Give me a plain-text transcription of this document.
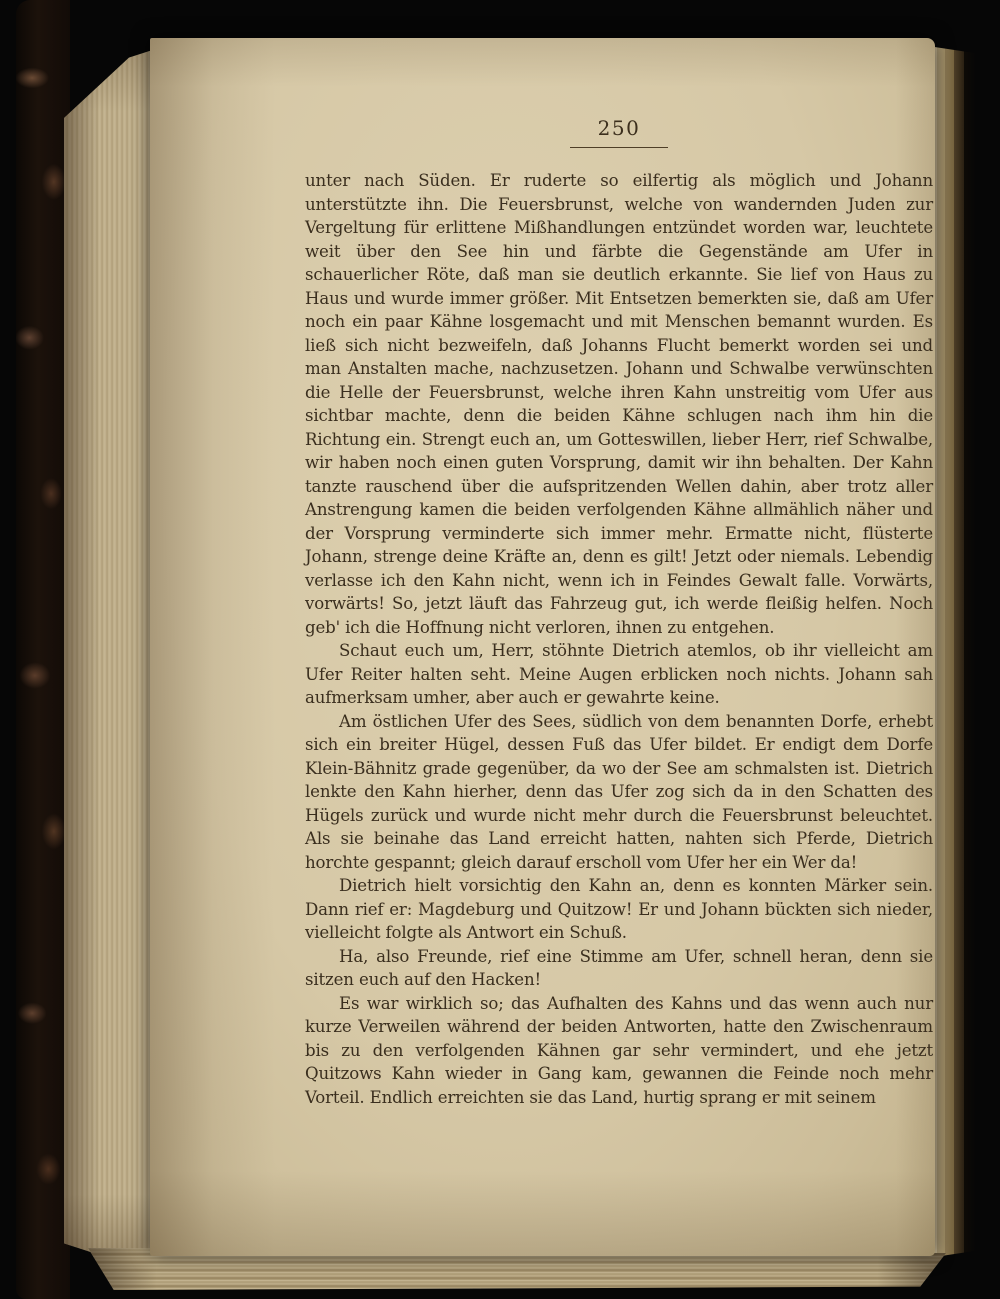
250

unter nach Süden. Er ruderte so eilfertig als möglich und Johann unterstützte ihn. Die Feuersbrunst, welche von wandernden Juden zur Vergeltung für erlittene Mißhandlungen entzündet worden war, leuchtete weit über den See hin und färbte die Gegenstände am Ufer in schauerlicher Röte, daß man sie deutlich erkannte. Sie lief von Haus zu Haus und wurde immer größer. Mit Entsetzen bemerkten sie, daß am Ufer noch ein paar Kähne losgemacht und mit Menschen bemannt wurden. Es ließ sich nicht bezweifeln, daß Johanns Flucht bemerkt worden sei und man Anstalten mache, nachzusetzen. Johann und Schwalbe verwünschten die Helle der Feuersbrunst, welche ihren Kahn unstreitig vom Ufer aus sichtbar machte, denn die beiden Kähne schlugen nach ihm hin die Richtung ein. Strengt euch an, um Gotteswillen, lieber Herr, rief Schwalbe, wir haben noch einen guten Vorsprung, damit wir ihn behalten. Der Kahn tanzte rauschend über die aufspritzenden Wellen dahin, aber trotz aller Anstrengung kamen die beiden verfolgenden Kähne allmählich näher und der Vorsprung verminderte sich immer mehr. Ermatte nicht, flüsterte Johann, strenge deine Kräfte an, denn es gilt! Jetzt oder niemals. Lebendig verlasse ich den Kahn nicht, wenn ich in Feindes Gewalt falle. Vorwärts, vorwärts! So, jetzt läuft das Fahrzeug gut, ich werde fleißig helfen. Noch geb' ich die Hoffnung nicht verloren, ihnen zu entgehen.

Schaut euch um, Herr, stöhnte Dietrich atemlos, ob ihr vielleicht am Ufer Reiter halten seht. Meine Augen erblicken noch nichts. Johann sah aufmerksam umher, aber auch er gewahrte keine.

Am östlichen Ufer des Sees, südlich von dem benannten Dorfe, erhebt sich ein breiter Hügel, dessen Fuß das Ufer bildet. Er endigt dem Dorfe Klein-Bähnitz grade gegenüber, da wo der See am schmalsten ist. Dietrich lenkte den Kahn hierher, denn das Ufer zog sich da in den Schatten des Hügels zurück und wurde nicht mehr durch die Feuersbrunst beleuchtet. Als sie beinahe das Land erreicht hatten, nahten sich Pferde, Dietrich horchte gespannt; gleich darauf erscholl vom Ufer her ein Wer da!

Dietrich hielt vorsichtig den Kahn an, denn es konnten Märker sein. Dann rief er: Magdeburg und Quitzow! Er und Johann bückten sich nieder, vielleicht folgte als Antwort ein Schuß.

Ha, also Freunde, rief eine Stimme am Ufer, schnell heran, denn sie sitzen euch auf den Hacken!

Es war wirklich so; das Aufhalten des Kahns und das wenn auch nur kurze Verweilen während der beiden Antworten, hatte den Zwischenraum bis zu den verfolgenden Kähnen gar sehr vermindert, und ehe jetzt Quitzows Kahn wieder in Gang kam, gewannen die Feinde noch mehr Vorteil. Endlich erreichten sie das Land, hurtig sprang er mit seinem
